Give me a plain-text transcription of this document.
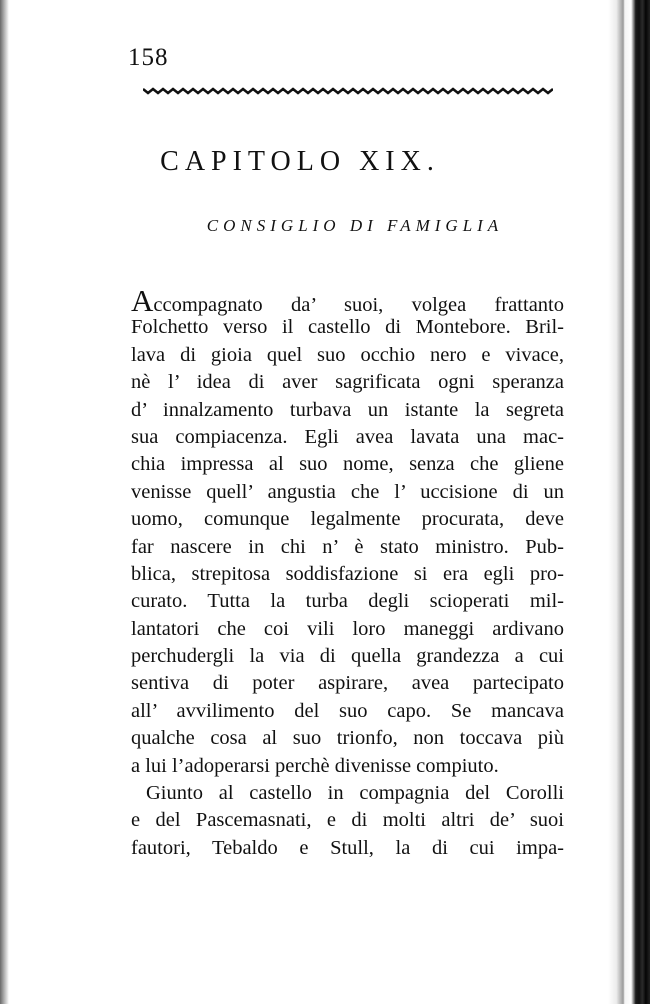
158
CAPITOLO XIX.
CONSIGLIO DI FAMIGLIA
Accompagnato da’ suoi, volgea frattanto
Folchetto verso il castello di Montebore. Bril-
lava di gioia quel suo occhio nero e vivace,
nè l’ idea di aver sagrificata ogni speranza
d’ innalzamento turbava un istante la segreta
sua compiacenza. Egli avea lavata una mac-
chia impressa al suo nome, senza che gliene
venisse quell’ angustia che l’ uccisione di un
uomo, comunque legalmente procurata, deve
far nascere in chi n’ è stato ministro. Pub-
blica, strepitosa soddisfazione si era egli pro-
curato. Tutta la turba degli scioperati mil-
lantatori che coi vili loro maneggi ardivano
perchudergli la via di quella grandezza a cui
sentiva di poter aspirare, avea partecipato
all’ avvilimento del suo capo. Se mancava
qualche cosa al suo trionfo, non toccava più
a lui l’adoperarsi perchè divenisse compiuto.
Giunto al castello in compagnia del Corolli
e del Pascemasnati, e di molti altri de’ suoi
fautori, Tebaldo e Stull, la di cui impa-
